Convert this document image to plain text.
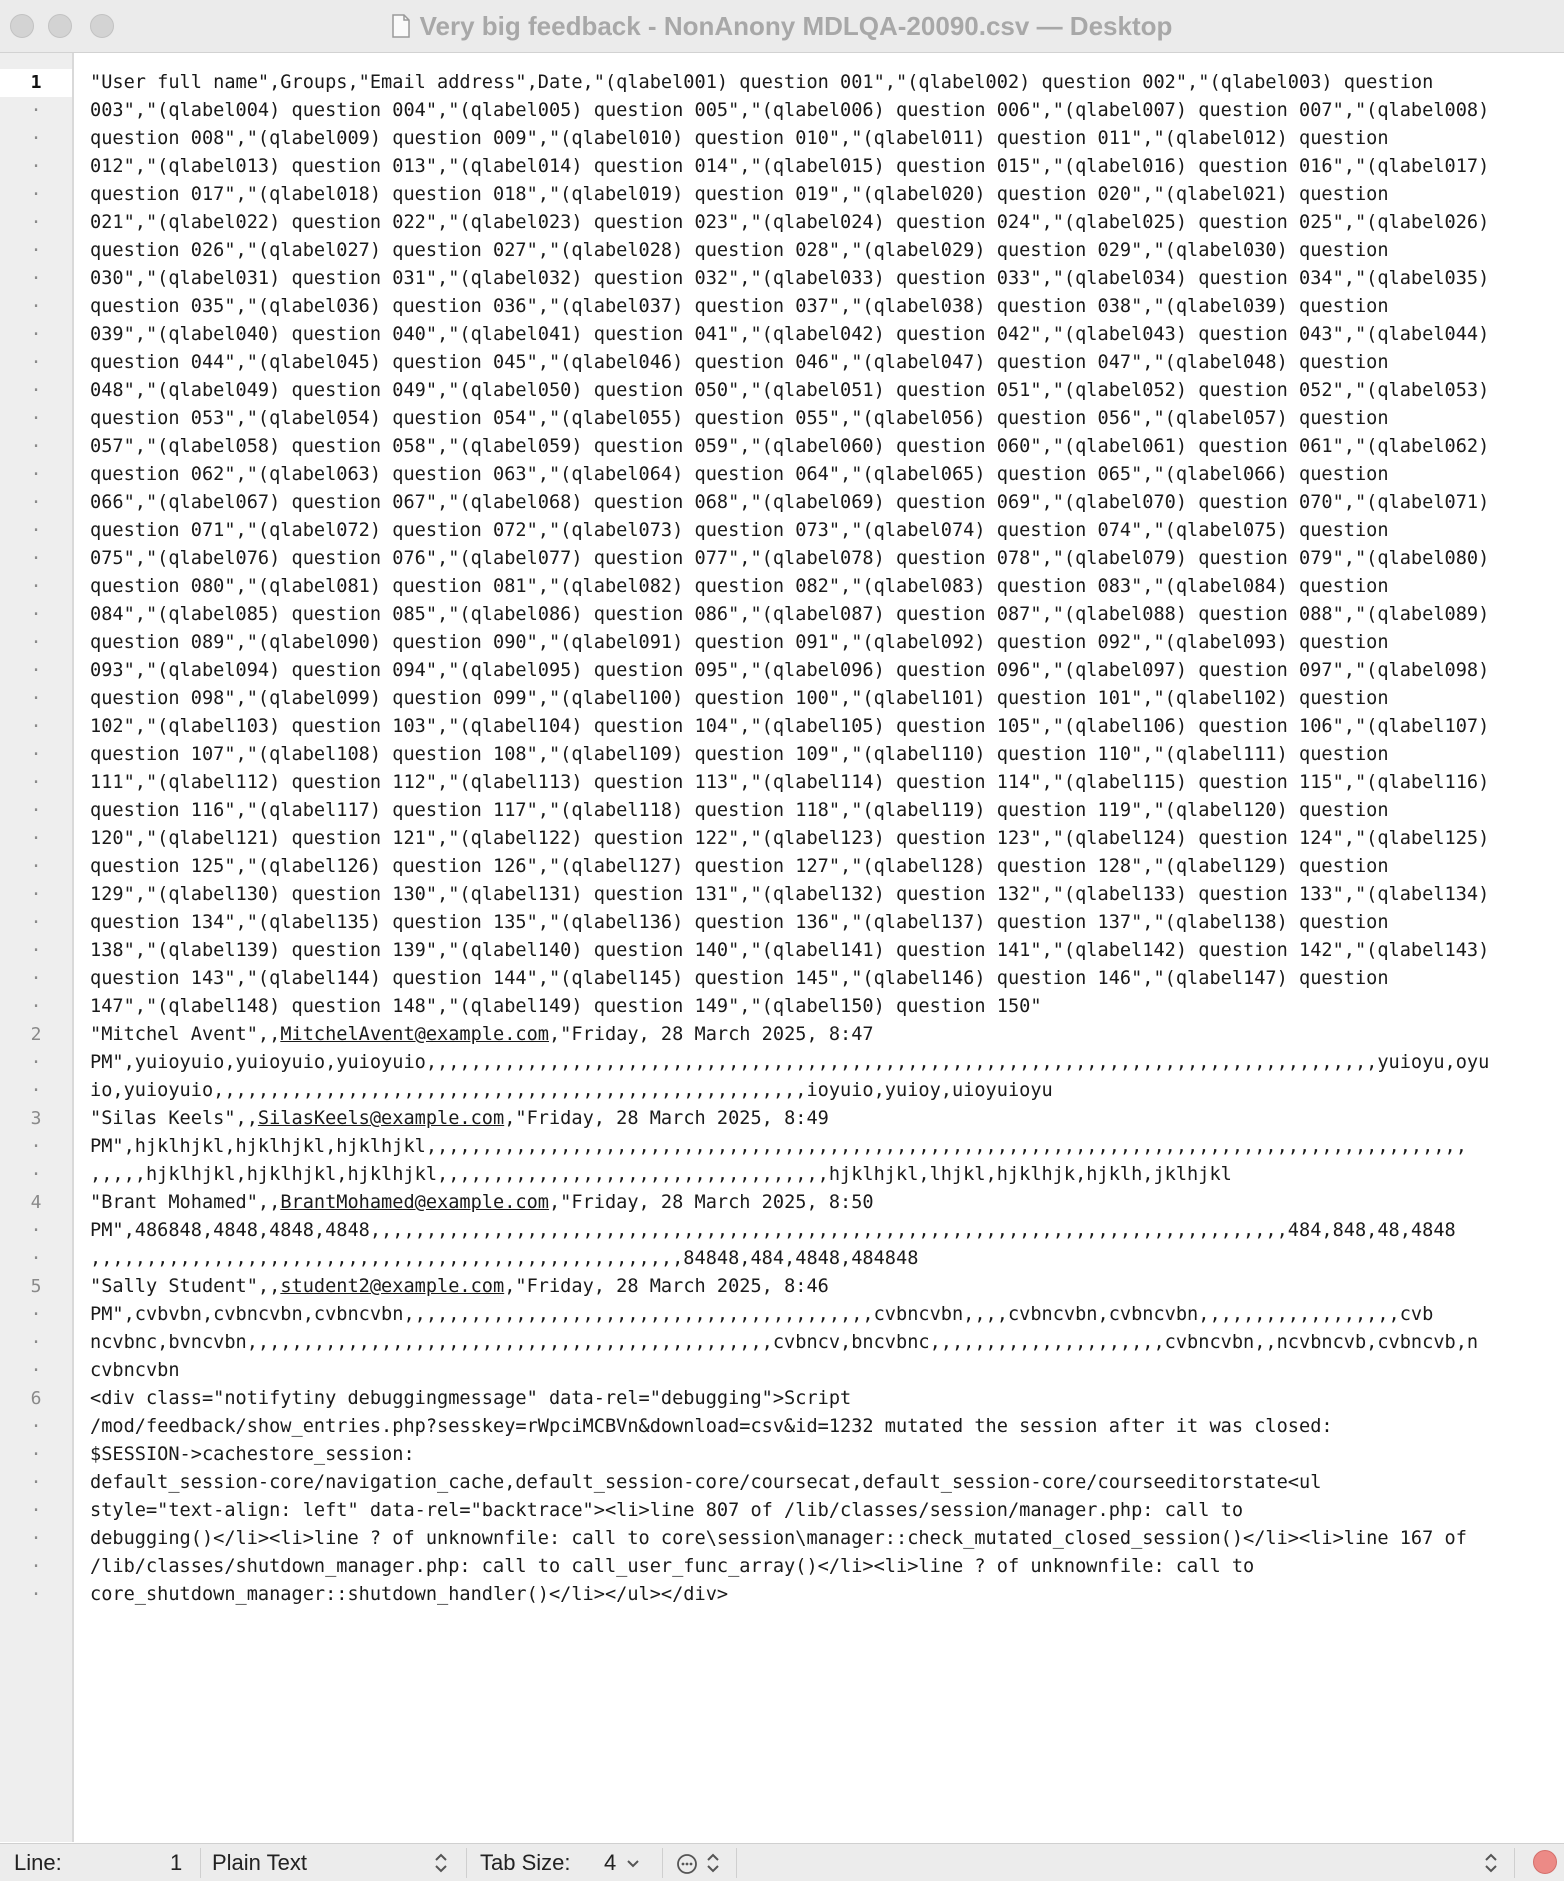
Very big feedback - NonAnony MDLQA-20090.csv — Desktop
1
·
·
·
·
·
·
·
·
·
·
·
·
·
·
·
·
·
·
·
·
·
·
·
·
·
·
·
·
·
·
·
·
·
2
·
·
3
·
·
4
·
·
5
·
·
·
6
·
·
·
·
·
·
·
"User full name",Groups,"Email address",Date,"(qlabel001) question 001","(qlabel002) question 002","(qlabel003) question
003","(qlabel004) question 004","(qlabel005) question 005","(qlabel006) question 006","(qlabel007) question 007","(qlabel008)
question 008","(qlabel009) question 009","(qlabel010) question 010","(qlabel011) question 011","(qlabel012) question
012","(qlabel013) question 013","(qlabel014) question 014","(qlabel015) question 015","(qlabel016) question 016","(qlabel017)
question 017","(qlabel018) question 018","(qlabel019) question 019","(qlabel020) question 020","(qlabel021) question
021","(qlabel022) question 022","(qlabel023) question 023","(qlabel024) question 024","(qlabel025) question 025","(qlabel026)
question 026","(qlabel027) question 027","(qlabel028) question 028","(qlabel029) question 029","(qlabel030) question
030","(qlabel031) question 031","(qlabel032) question 032","(qlabel033) question 033","(qlabel034) question 034","(qlabel035)
question 035","(qlabel036) question 036","(qlabel037) question 037","(qlabel038) question 038","(qlabel039) question
039","(qlabel040) question 040","(qlabel041) question 041","(qlabel042) question 042","(qlabel043) question 043","(qlabel044)
question 044","(qlabel045) question 045","(qlabel046) question 046","(qlabel047) question 047","(qlabel048) question
048","(qlabel049) question 049","(qlabel050) question 050","(qlabel051) question 051","(qlabel052) question 052","(qlabel053)
question 053","(qlabel054) question 054","(qlabel055) question 055","(qlabel056) question 056","(qlabel057) question
057","(qlabel058) question 058","(qlabel059) question 059","(qlabel060) question 060","(qlabel061) question 061","(qlabel062)
question 062","(qlabel063) question 063","(qlabel064) question 064","(qlabel065) question 065","(qlabel066) question
066","(qlabel067) question 067","(qlabel068) question 068","(qlabel069) question 069","(qlabel070) question 070","(qlabel071)
question 071","(qlabel072) question 072","(qlabel073) question 073","(qlabel074) question 074","(qlabel075) question
075","(qlabel076) question 076","(qlabel077) question 077","(qlabel078) question 078","(qlabel079) question 079","(qlabel080)
question 080","(qlabel081) question 081","(qlabel082) question 082","(qlabel083) question 083","(qlabel084) question
084","(qlabel085) question 085","(qlabel086) question 086","(qlabel087) question 087","(qlabel088) question 088","(qlabel089)
question 089","(qlabel090) question 090","(qlabel091) question 091","(qlabel092) question 092","(qlabel093) question
093","(qlabel094) question 094","(qlabel095) question 095","(qlabel096) question 096","(qlabel097) question 097","(qlabel098)
question 098","(qlabel099) question 099","(qlabel100) question 100","(qlabel101) question 101","(qlabel102) question
102","(qlabel103) question 103","(qlabel104) question 104","(qlabel105) question 105","(qlabel106) question 106","(qlabel107)
question 107","(qlabel108) question 108","(qlabel109) question 109","(qlabel110) question 110","(qlabel111) question
111","(qlabel112) question 112","(qlabel113) question 113","(qlabel114) question 114","(qlabel115) question 115","(qlabel116)
question 116","(qlabel117) question 117","(qlabel118) question 118","(qlabel119) question 119","(qlabel120) question
120","(qlabel121) question 121","(qlabel122) question 122","(qlabel123) question 123","(qlabel124) question 124","(qlabel125)
question 125","(qlabel126) question 126","(qlabel127) question 127","(qlabel128) question 128","(qlabel129) question
129","(qlabel130) question 130","(qlabel131) question 131","(qlabel132) question 132","(qlabel133) question 133","(qlabel134)
question 134","(qlabel135) question 135","(qlabel136) question 136","(qlabel137) question 137","(qlabel138) question
138","(qlabel139) question 139","(qlabel140) question 140","(qlabel141) question 141","(qlabel142) question 142","(qlabel143)
question 143","(qlabel144) question 144","(qlabel145) question 145","(qlabel146) question 146","(qlabel147) question
147","(qlabel148) question 148","(qlabel149) question 149","(qlabel150) question 150"
"Mitchel Avent",,MitchelAvent@example.com,"Friday, 28 March 2025, 8:47
PM",yuioyuio,yuioyuio,yuioyuio,,,,,,,,,,,,,,,,,,,,,,,,,,,,,,,,,,,,,,,,,,,,,,,,,,,,,,,,,,,,,,,,,,,,,,,,,,,,,,,,,,,,,yuioyu,oyu
io,yuioyuio,,,,,,,,,,,,,,,,,,,,,,,,,,,,,,,,,,,,,,,,,,,,,,,,,,,,,ioyuio,yuioy,uioyuioyu
"Silas Keels",,SilasKeels@example.com,"Friday, 28 March 2025, 8:49
PM",hjklhjkl,hjklhjkl,hjklhjkl,,,,,,,,,,,,,,,,,,,,,,,,,,,,,,,,,,,,,,,,,,,,,,,,,,,,,,,,,,,,,,,,,,,,,,,,,,,,,,,,,,,,,,,,,,,,,
,,,,,hjklhjkl,hjklhjkl,hjklhjkl,,,,,,,,,,,,,,,,,,,,,,,,,,,,,,,,,,,hjklhjkl,lhjkl,hjklhjk,hjklh,jklhjkl
"Brant Mohamed",,BrantMohamed@example.com,"Friday, 28 March 2025, 8:50
PM",486848,4848,4848,4848,,,,,,,,,,,,,,,,,,,,,,,,,,,,,,,,,,,,,,,,,,,,,,,,,,,,,,,,,,,,,,,,,,,,,,,,,,,,,,,,,,484,848,48,4848
,,,,,,,,,,,,,,,,,,,,,,,,,,,,,,,,,,,,,,,,,,,,,,,,,,,,,84848,484,4848,484848
"Sally Student",,student2@example.com,"Friday, 28 March 2025, 8:46
PM",cvbvbn,cvbncvbn,cvbncvbn,,,,,,,,,,,,,,,,,,,,,,,,,,,,,,,,,,,,,,,,,,cvbncvbn,,,,cvbncvbn,cvbncvbn,,,,,,,,,,,,,,,,,,cvb
ncvbnc,bvncvbn,,,,,,,,,,,,,,,,,,,,,,,,,,,,,,,,,,,,,,,,,,,,,,,cvbncv,bncvbnc,,,,,,,,,,,,,,,,,,,,,cvbncvbn,,ncvbncvb,cvbncvb,n
cvbncvbn
<div class="notifytiny debuggingmessage" data-rel="debugging">Script
/mod/feedback/show_entries.php?sesskey=rWpciMCBVn&download=csv&id=1232 mutated the session after it was closed:
$SESSION->cachestore_session:
default_session-core/navigation_cache,default_session-core/coursecat,default_session-core/courseeditorstate<ul
style="text-align: left" data-rel="backtrace"><li>line 807 of /lib/classes/session/manager.php: call to
debugging()</li><li>line ? of unknownfile: call to core\session\manager::check_mutated_closed_session()</li><li>line 167 of
/lib/classes/shutdown_manager.php: call to call_user_func_array()</li><li>line ? of unknownfile: call to
core_shutdown_manager::shutdown_handler()</li></ul></div>
Line:	1 Plain Text	Tab Size: 4
